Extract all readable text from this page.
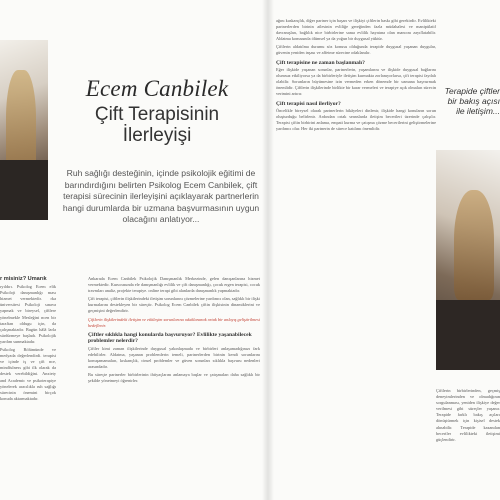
Ecem Canbilek
Çift Terapisinin
İlerleyişi
Ruh sağlığı desteğinin, içinde psikolojik eğitimi de barındırdığını belirten Psikolog Ecem Canbilek, çift terapisi sürecinin ilerleyişini açıklayarak partnerlerin hangi durumlarda bir uzmana başvurmasının uygun olacağını anlatıyor...
r misiniz? Umarık

ryıldırı. Psikolog Ecem elik Psikoloji danışmanlığı ması hizmet vermektedir. rka üniversitesi Psikoloji sınava yapmak ve bireysel, çiftlere yönelmekle Mesleğini ncen bir taraftan oldugu için, da çalışmaktadır. Bugün hâlâ larla sürdürmeye başladı. Psikolojik yardım sunmaktadır.

Psikolog Bölümünde ve medyada değerlendirdi. terapist ve içinde iş ve çift nce, mindfulness gibi ilk olarak da destek verebildiğini. Anxiety and Academic ve psikoterapiye yönelerek aracılıkla ruh sağlığı sürecinin önemini birçok konuda aktarmaktadır.

Ankarada Ecem Canbilek Psikolojik Danışmanlık Merkezinde, gelen danışanlarına hizmet vermektedir. Kurucusunda ele danışmanlığı evlilik ve çift danışmanlığı, çocuk ergen terapisi, cocuk travmları analiz, projekte terapiye. online terapi gibi alanlarda danışmanlık yapmaktadır.

Çift terapisi, çiftlerin ilişkilerindeki iletişim sorunlarını çözmelerine yardımcı olan, sağlıklı bir ilişki kurmalarını destekleyen bir süreçtir. Psikolog Ecem Canbilek çiftin ilişkisinin dinamiklerini ve geçmişini değerlendirir.

Çiftlerin ilişkilerindeki iletişim ve etkileşim sorunlarına odaklanarak ortak bir anlayış geliştirilmesi hedeflenir.

Çiftler sıklıkla hangi konularda başvuruyor? Evlilikte yaşanabilecek problemler nelerdir?

Çiftler kimi zaman ilişkilerinde duygusal yakınlaşmada ve birbirleri anlaşamadığınızı fark edebilirler. Aldatma, yaşanan problemlerin temeli, partnerlerden birinin kendi sorunlarını konuşamamaları, kıskançlık, cinsel problemler ve güven sorunları sıklıkla başvuru nedenleri arasındadır.

Bu süreçte partnerler birbirlerinin ihtiyaçlarını anlamaya başlar ve çatışmaları daha sağlıklı bir şekilde yönetmeyi öğrenirler.

ağını kaskançlık, diğer partner için başarı ve ilişkiyi çiftlerin baskı gibi gerekirdir. Evlilikteki partnerlerden birinin ailesinin evliliğe gereğinden fazla müdahalesi ve manipülatif davranışları, bağlılık nice birbirlerine sanıa evlilik hayatına olan mancını zayıflatabilir. Aldatma konusunda ölümsel ya da yoğun bir duygusal yüktür.

Çiftlerin aldatılma durumu söz konusu olduğunda terapide duygusal yaşanan duygular, güvenin yeniden inşası ve affetme sürecine odaklanılır.

Çift terapisine ne zaman başlanmalı?

Eğer ilişkide yaşanan sorunlar, partnerlerin, yaşamlarını ve ilişkide duygusal bağlarını olumsuz etkiliyorsa ya da birbirleriyle iletişim kurmakta zorlanıyorlarsa, çift terapisi faydalı olabilir. Sorunların büyümesine izin vermeden erken dönemde bir uzmana başvurmak önemlidir. Çiftlerin ilişkilerinde birlikte bir karar vermeleri ve terapiye açık olmaları sürecin verimini artırır.

Çift terapisi nasıl ilerliyor?

Öncelikle bireysel olarak partnerlerin hikâyeleri dinlenir, ilişkide hangi konuların sorun oluşturduğu belirlenir. Ardından ortak seanslarda iletişim becerileri üzerinde çalışılır. Terapist çiftin birbirini anlama, empati kurma ve çatışma çözme becerilerini geliştirmelerine yardımcı olur. Her iki partnerin de sürece katılımı önemlidir.

Terapide çiftler bir bakış açısı ile iletişim...

Çiftlerin birbirlerinden, geçmiş deneyimlerinden ve olmadığının sorgulanması, yeniden ilişkiye değer verilmesi gibi süreçler yaşanır. Terapide farklı bakış açıları dönüştürmek için kişisel destek alınabilir. Terapide kazanılan beceriler evlilikteki iletişimi güçlendirir.
